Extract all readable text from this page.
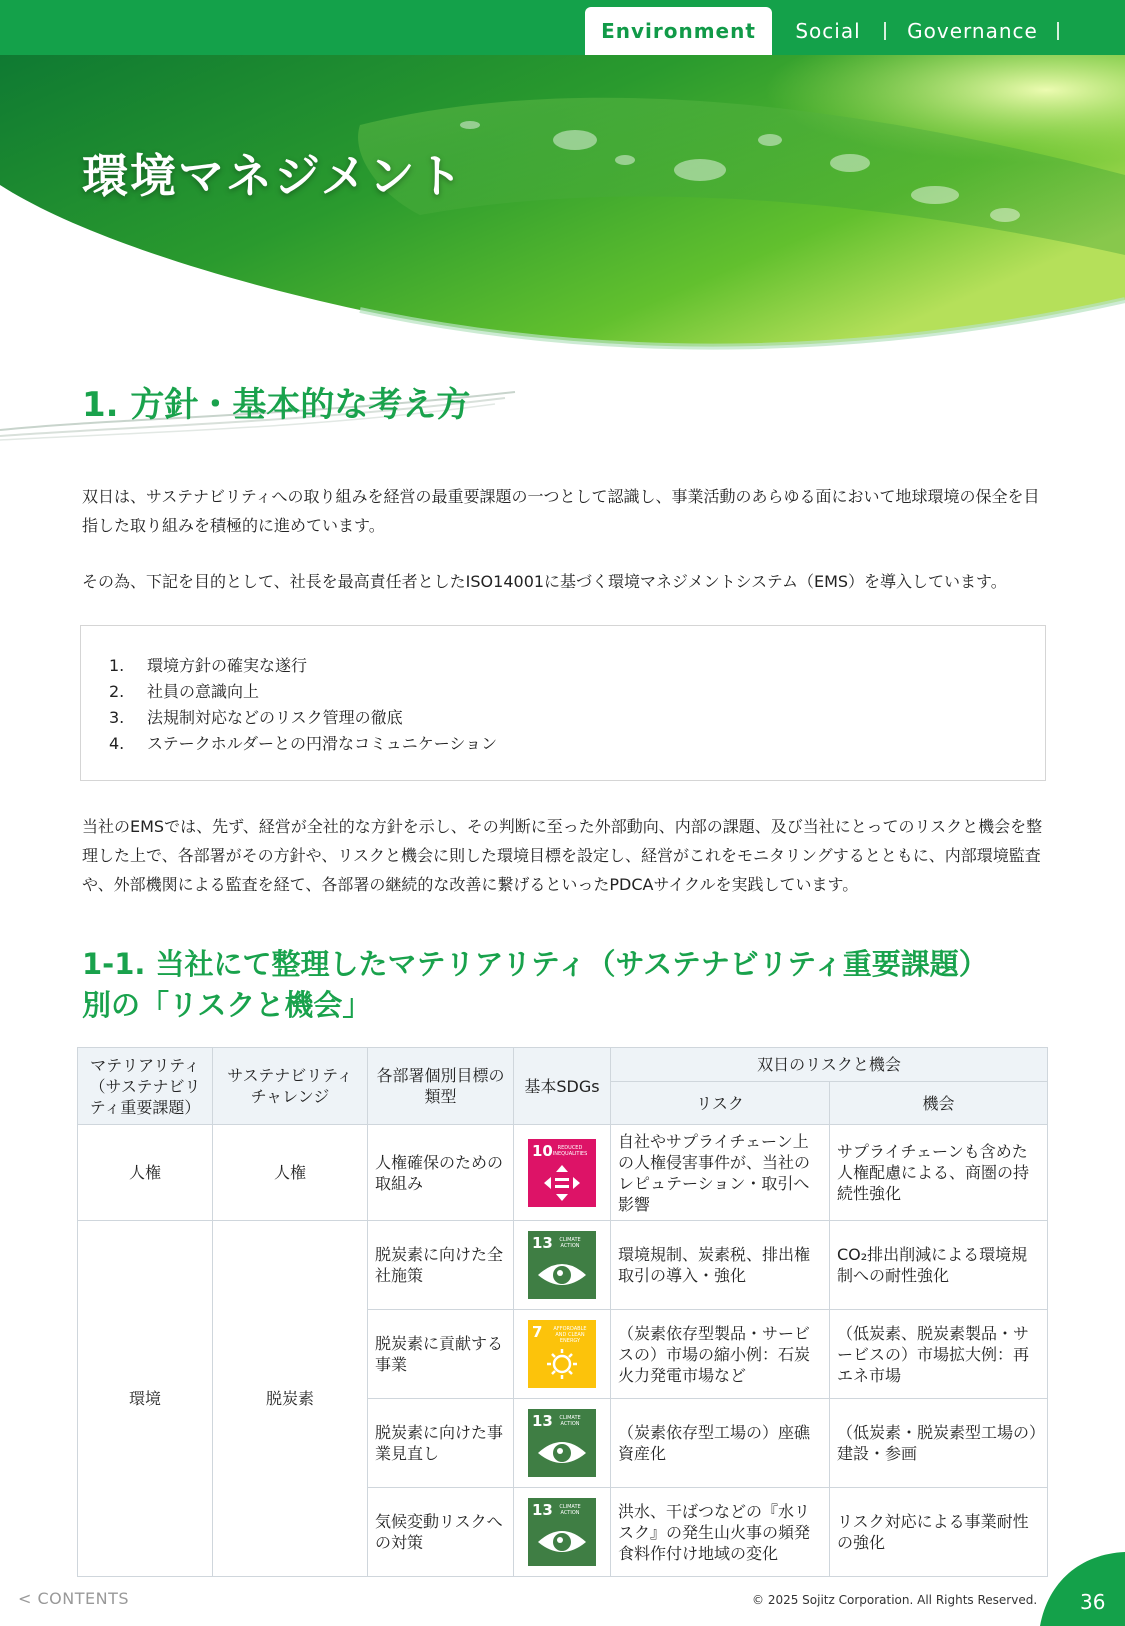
Environment	Social	Governance
環境マネジメント
1. 方針・基本的な考え方
双日は、サステナビリティへの取り組みを経営の最重要課題の一つとして認識し、事業活動のあらゆる面において地球環境の保全を目指した取り組みを積極的に進めています。
その為、下記を目的として、社長を最高責任者としたISO14001に基づく環境マネジメントシステム（EMS）を導入しています。
1. 環境方針の確実な遂行
2. 社員の意識向上
3. 法規制対応などのリスク管理の徹底
4. ステークホルダーとの円滑なコミュニケーション
当社のEMSでは、先ず、経営が全社的な方針を示し、その判断に至った外部動向、内部の課題、及び当社にとってのリスクと機会を整理した上で、各部署がその方針や、リスクと機会に則した環境目標を設定し、経営がこれをモニタリングするとともに、内部環境監査や、外部機関による監査を経て、各部署の継続的な改善に繋げるといったPDCAサイクルを実践しています。
1-1. 当社にて整理したマテリアリティ（サステナビリティ重要課題）
別の「リスクと機会」
マテリアリティ（サステナビリティ重要課題）	サステナビリティチャレンジ	各部署個別目標の類型	基本SDGs	双日のリスクと機会	
				リスク	機会
人権	人権	人権確保のための取組み	10 REDUCED INEQUALITIES	自社やサプライチェーン上の人権侵害事件が、当社のレピュテーション・取引へ影響	サプライチェーンも含めた人権配慮による、商圏の持続性強化
環境	脱炭素	脱炭素に向けた全社施策	13 CLIMATE ACTION	環境規制、炭素税、排出権取引の導入・強化	CO₂排出削減による環境規制への耐性強化
		脱炭素に貢献する事業	7 AFFORDABLE AND CLEAN ENERGY	（炭素依存型製品・サービスの）市場の縮小例：石炭火力発電市場など	（低炭素、脱炭素製品・サービスの）市場拡大例：再エネ市場
		脱炭素に向けた事業見直し	13 CLIMATE ACTION	（炭素依存型工場の）座礁資産化	（低炭素・脱炭素型工場の）建設・参画
		気候変動リスクへの対策	13 CLIMATE ACTION	洪水、干ばつなどの『水リスク』の発生山火事の頻発食料作付け地域の変化	リスク対応による事業耐性の強化
< CONTENTS	© 2025 Sojitz Corporation. All Rights Reserved. 36
